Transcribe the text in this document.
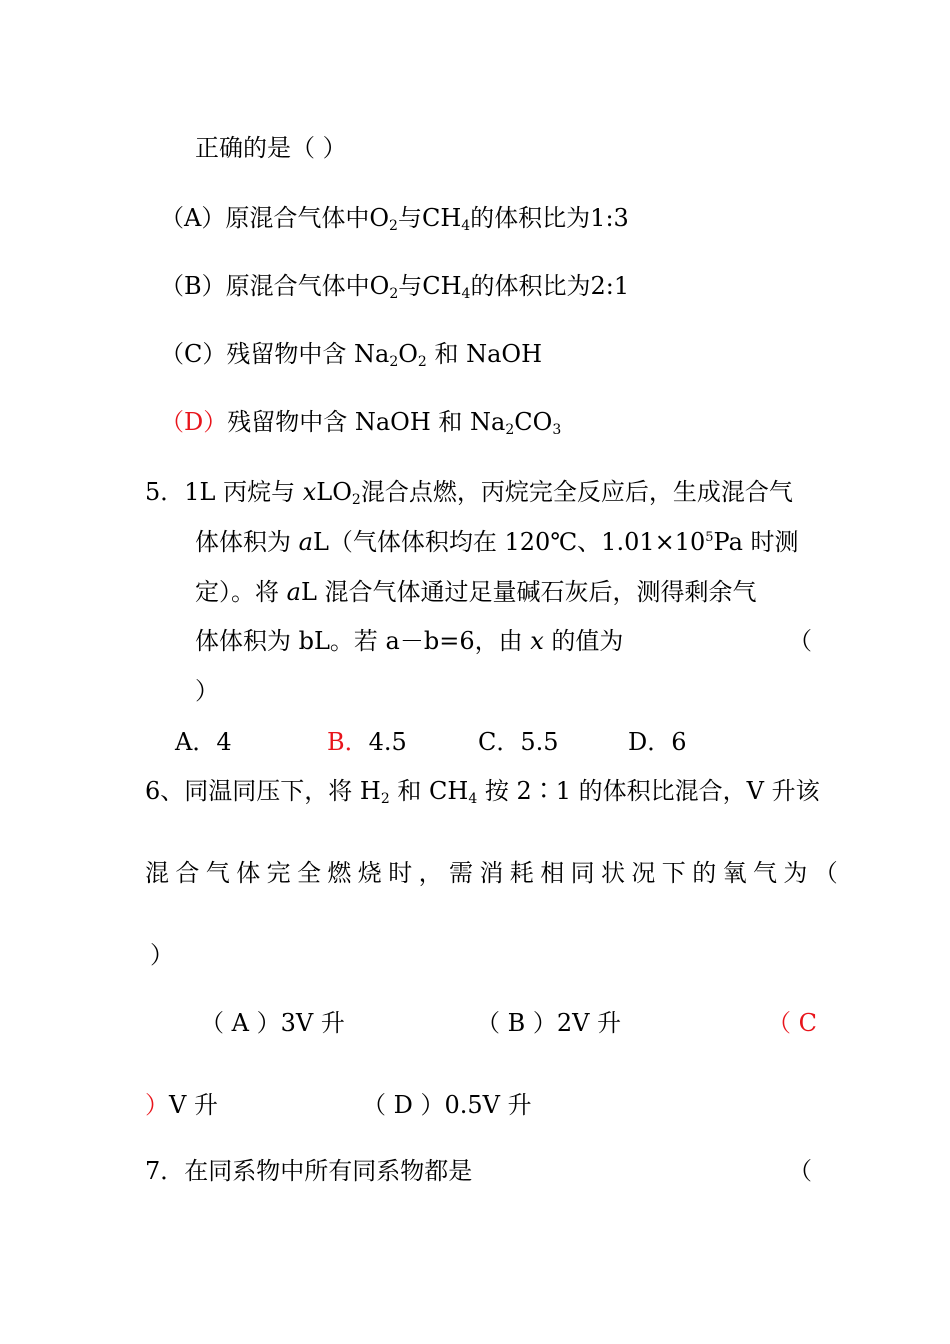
正确的是（ ）
（A）原混合气体中$O_2$与$CH_4$的体积比为1:3
（B）原混合气体中$O_2$与$CH_4$的体积比为2:1
（C）残留物中含 $Na_2O_2$ 和 NaOH
（D）残留物中含 NaOH 和 $Na_2CO_3$
5．1L 丙烷与 xLO$_2$混合点燃，丙烷完全反应后，生成混合气
体体积为 aL（气体体积均在 120℃、$1.01\times 10^5Pa$ 时测
定）。将 aL 混合气体通过足量碱石灰后，测得剩余气
体体积为 bL。若 a－b=6，由 x 的值为	（
）
A．4	B．4.5	C．5.5	D．6
6、同温同压下，将 $H_2$ 和 $CH_4$ 按 2∶1 的体积比混合，V 升该
混合气体完全燃烧时，需消耗相同状况下的氧气为（
）
（ A ）3V 升	（ B ）2V 升	（ C
）V 升	（ D ）0.5V 升
7．在同系物中所有同系物都是	（
